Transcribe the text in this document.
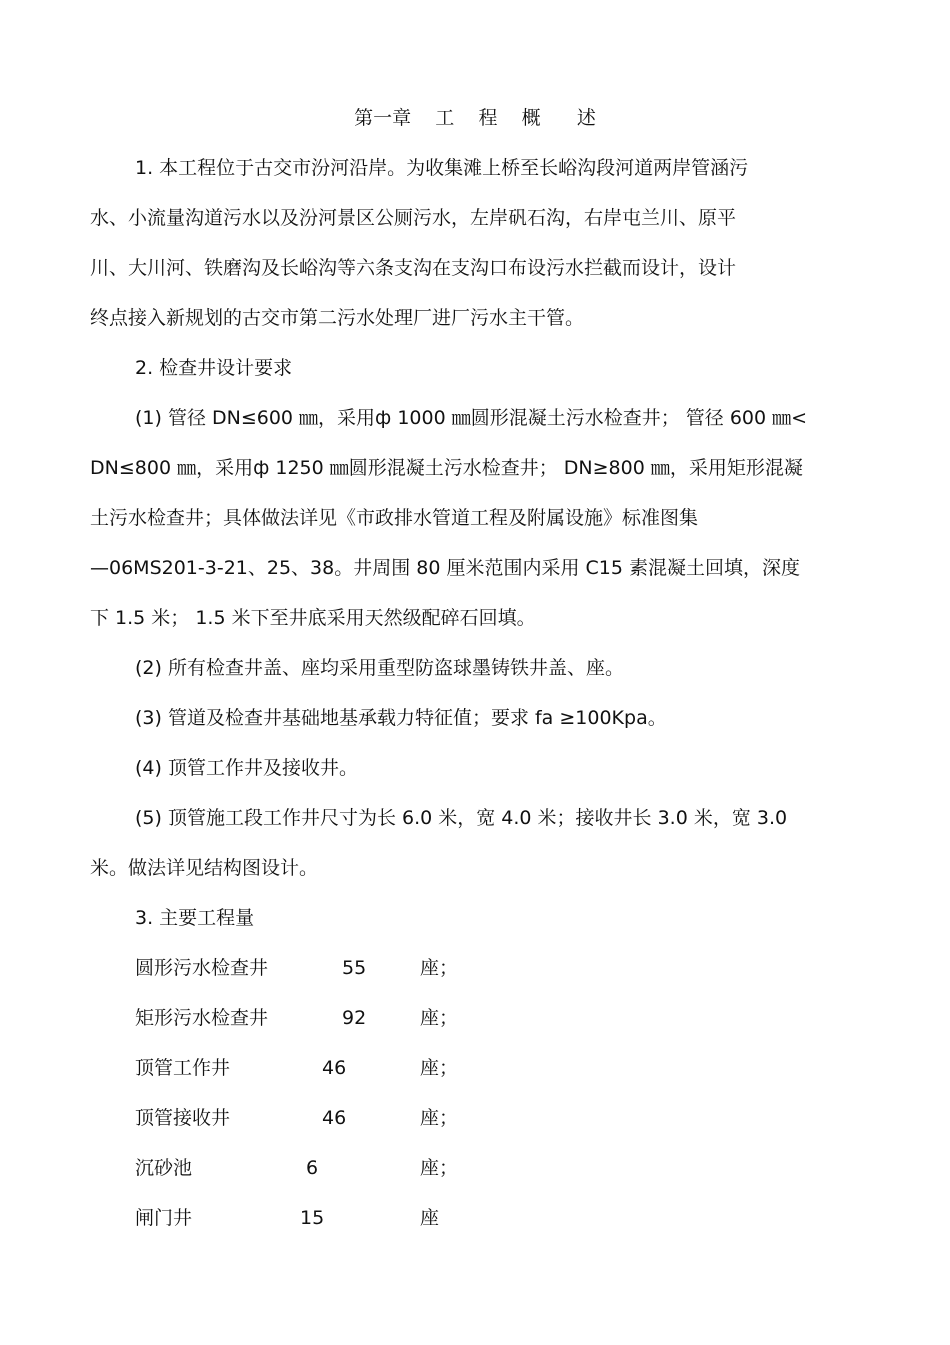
第一章    工    程    概      述
1. 本工程位于古交市汾河沿岸。为收集滩上桥至长峪沟段河道两岸管涵污
水、小流量沟道污水以及汾河景区公厕污水，左岸矾石沟，右岸屯兰川、原平
川、大川河、铁磨沟及长峪沟等六条支沟在支沟口布设污水拦截而设计，设计
终点接入新规划的古交市第二污水处理厂进厂污水主干管。
2. 检查井设计要求
(1) 管径 DN≤600 ㎜，采用ф 1000 ㎜圆形混凝土污水检查井； 管径 600 ㎜<
DN≤800 ㎜，采用ф 1250 ㎜圆形混凝土污水检查井； DN≥800 ㎜，采用矩形混凝
土污水检查井；具体做法详见《市政排水管道工程及附属设施》标准图集
—06MS201-3-21、25、38。井周围 80 厘米范围内采用 C15 素混凝土回填，深度
下 1.5 米； 1.5 米下至井底采用天然级配碎石回填。
(2) 所有检查井盖、座均采用重型防盗球墨铸铁井盖、座。
(3) 管道及检查井基础地基承载力特征值；要求 fa ≥100Kpa。
(4) 顶管工作井及接收井。
(5) 顶管施工段工作井尺寸为长 6.0 米，宽 4.0 米；接收井长 3.0 米，宽 3.0
米。做法详见结构图设计。
3. 主要工程量
圆形污水检查井	55	座；
矩形污水检查井	92	座；
顶管工作井	46	座；
顶管接收井	46	座；
沉砂池	6	座；
闸门井	15	座
